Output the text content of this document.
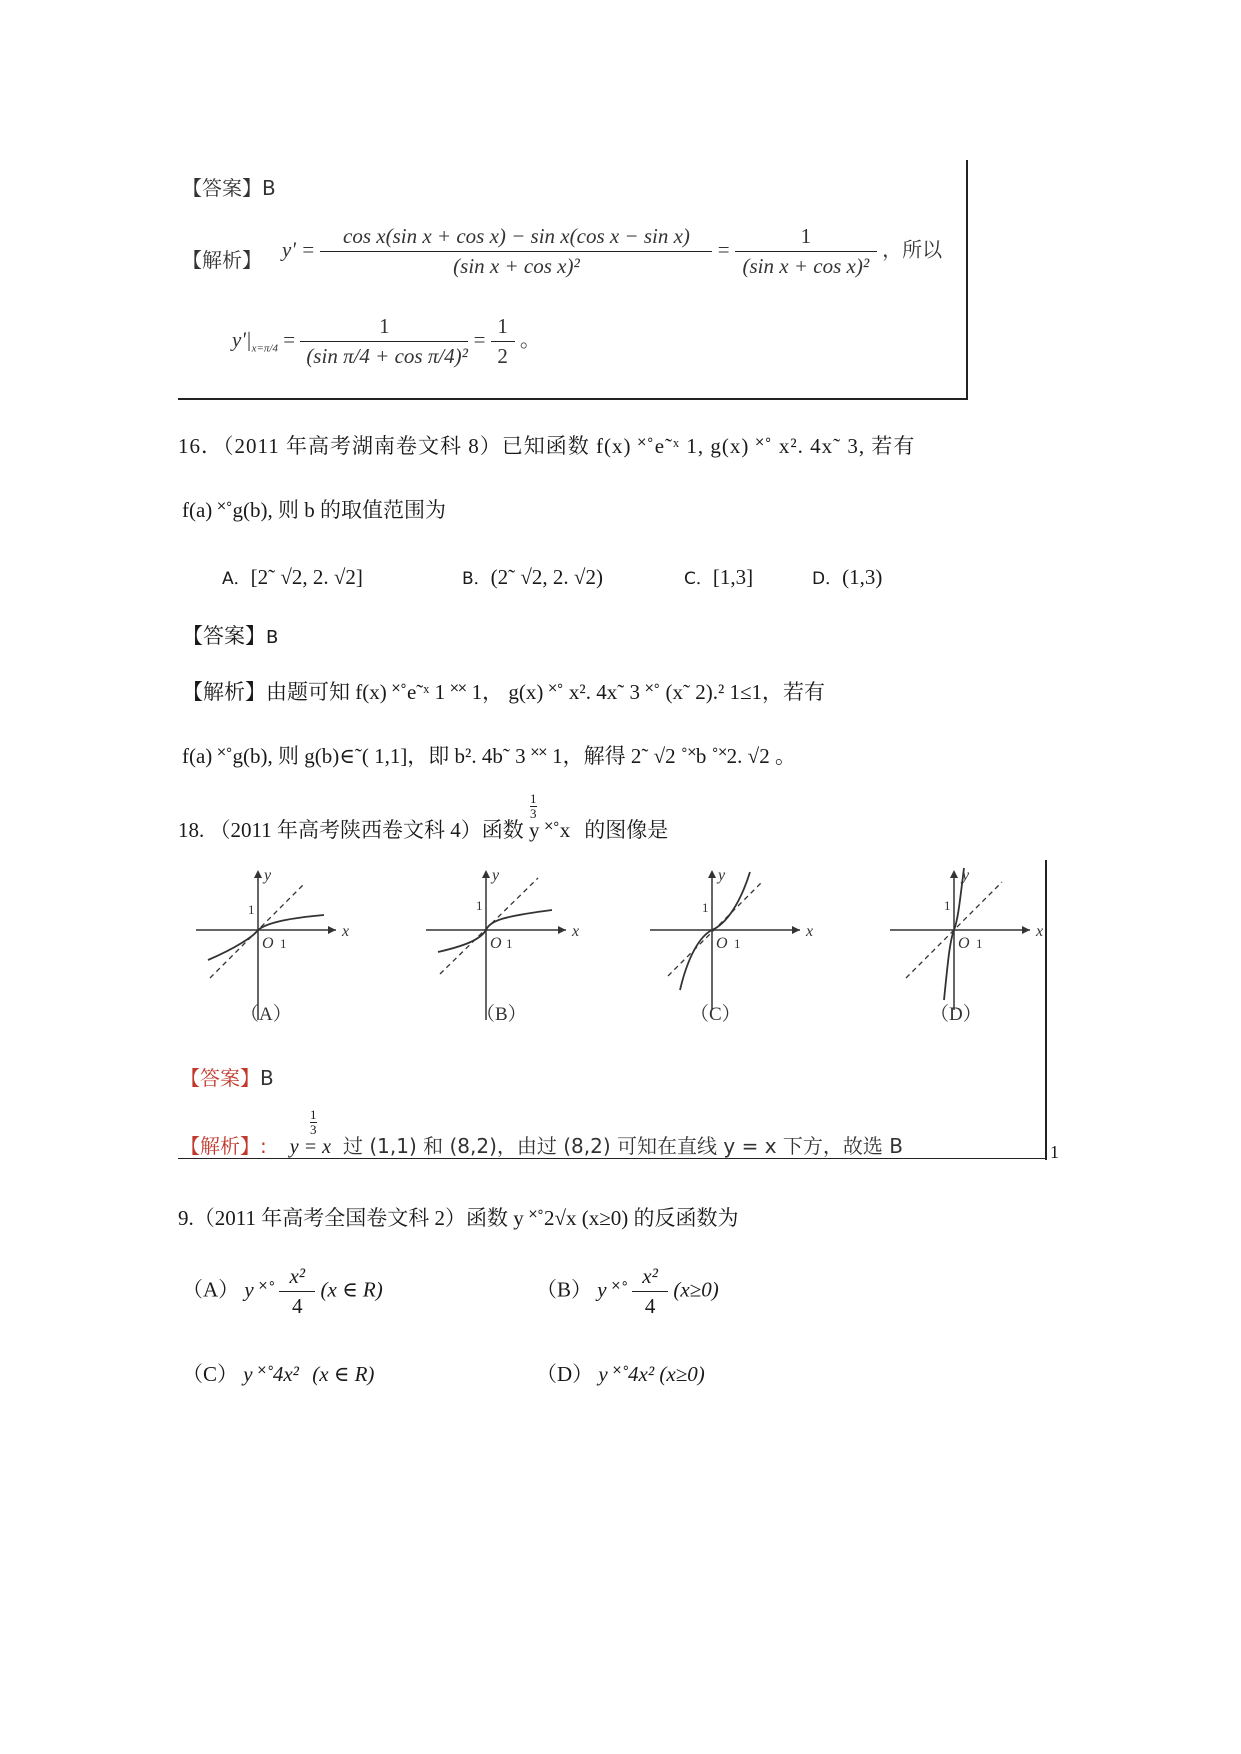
【答案】B
【解析】 $y' = \frac{\text{cos x(sin x + cos x) − sin x(cos x − sin x)}}{\text{(sin x + cos x)²}} = \frac{1}{\text{(sin x + cos x)²}}$ ，所以
$y'|_{x=\pi/4} = \frac{1}{\text{(sin π/4 + cos π/4)²}} = \frac{1}{2}$ 。
16．（2011 年高考湖南卷文科 8）已知函数 f(x) ˟˚e˜ˣ 1, g(x) ˟˚ x². 4x˜ 3, 若有
f(a) ˟˚g(b), 则 b 的取值范围为
A．[2˜ √2, 2. √2]	B．(2˜ √2, 2. √2)	C．[1,3]	D．(1,3)
【答案】B
【解析】由题可知 f(x) ˟˚e˜ˣ 1 ˟˟ 1， g(x) ˟˚ x². 4x˜ 3 ˟˚ (x˜ 2).² 1≤1，若有
f(a) ˟˚g(b), 则 g(b)∈˜( 1,1]，即 b². 4b˜ 3 ˟˟ 1，解得 2˜ √2 ˚˟b ˚˟2. √2 。
18. （2011 年高考陕西卷文科 4）函数 y ˟˚x
1
3
的图像是
y
x
O 1
1
（A）
y
x
O 1
1
（B）
y
x
O 1
1
（C）
y
x
O 1
1
（D）
【答案】B
【解析】: y = x
1
3
过 (1,1) 和 (8,2)，由过 (8,2) 可知在直线 y = x 下方，故选 B	1
9.（2011 年高考全国卷文科 2）函数 y ˟˚2√x (x≥0) 的反函数为
（A） y ˟˚ $\frac{\text{x²}}{4} (x$ ∈ R)	（B） y ˟˚ $\frac{\text{x²}}{4} (x\ge 0)$
（C） y ˟˚4x² (x ∈ R)	（D） y ˟˚4x² (x≥0)
